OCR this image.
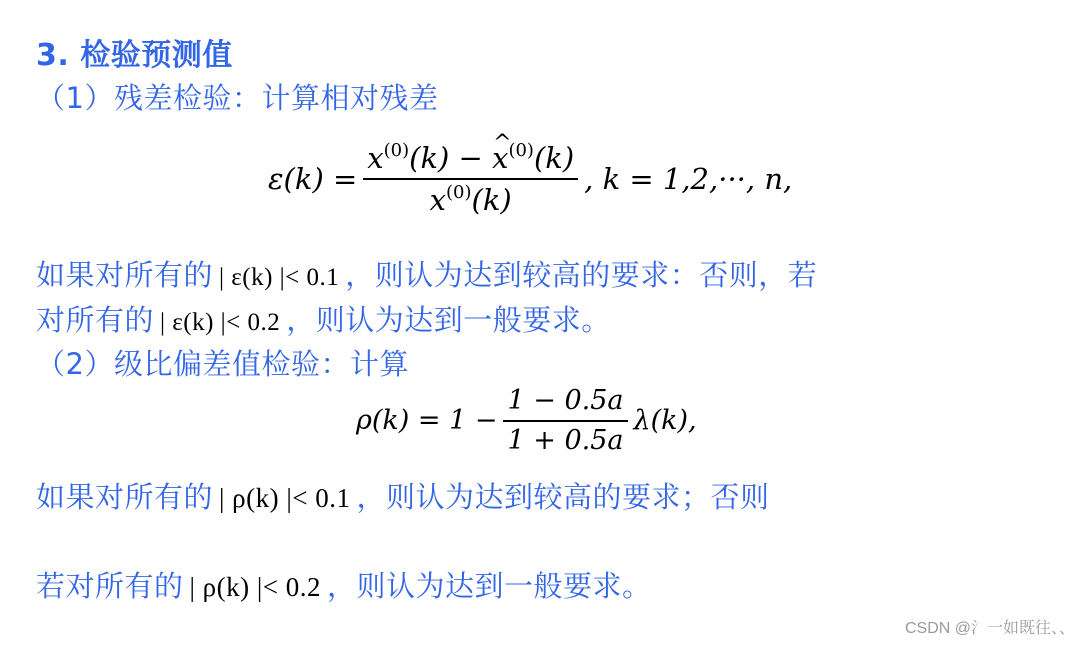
3. 检验预测值
（1）残差检验：计算相对残差
$\varepsilon(k) = \frac{x^{(0)}(k) - \^{} x^{(0)}(k)}{x^{(0)}(k)}$ , k = 1,2,···, n,
如果对所有的 | ε(k) |< 0.1 ，则认为达到较高的要求：否则，若
对所有的 | ε(k) |< 0.2 ，则认为达到一般要求。
（2）级比偏差值检验：计算
$\rho(k) = 1 - \frac{1 - 0.5a}{1 + 0.5a} \lambda(k)$,
如果对所有的 | ρ(k) |< 0.1 ，则认为达到较高的要求；否则
若对所有的 | ρ(k) |< 0.2 ，则认为达到一般要求。
CSDN @氵一如既往、、
